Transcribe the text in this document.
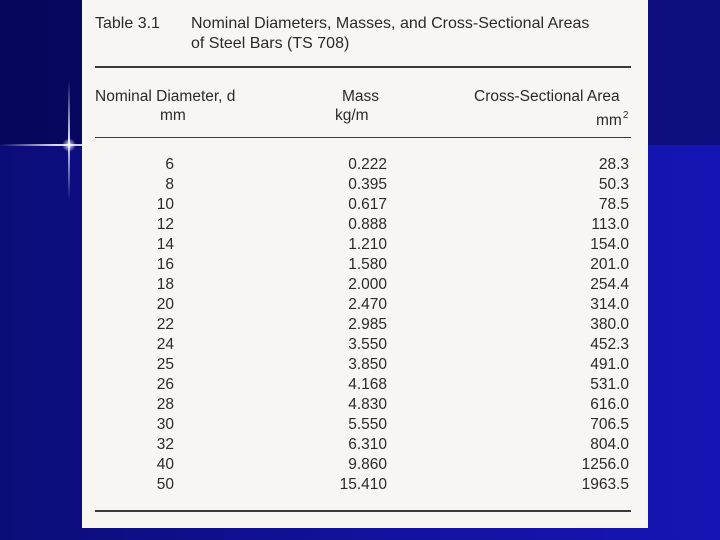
Table 3.1 Nominal Diameters, Masses, and Cross-Sectional Areas
of Steel Bars (TS 708)
Nominal Diameter, d
mm
Mass
kg/m
Cross-Sectional Area
$mm^2$
6	0.222	28.3
8	0.395	50.3
10	0.617	78.5
12	0.888	113.0
14	1.210	154.0
16	1.580	201.0
18	2.000	254.4
20	2.470	314.0
22	2.985	380.0
24	3.550	452.3
25	3.850	491.0
26	4.168	531.0
28	4.830	616.0
30	5.550	706.5
32	6.310	804.0
40	9.860	1256.0
50	15.410	1963.5
